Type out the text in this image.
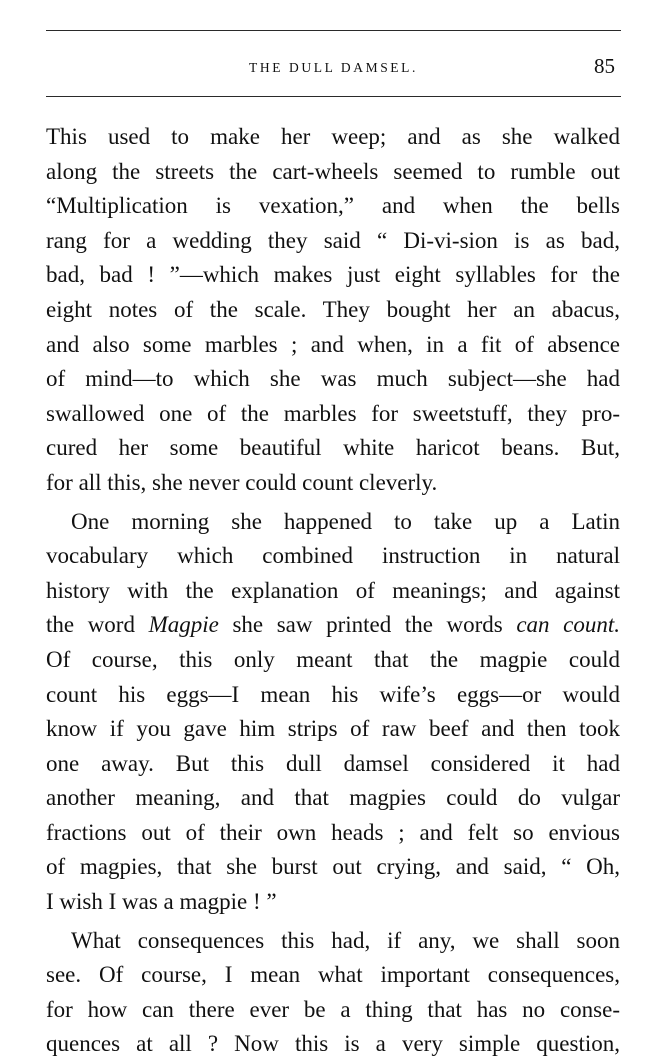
THE DULL DAMSEL.	85
This used to make her weep; and as she walked
along the streets the cart-wheels seemed to rumble out
“Multiplication is vexation,” and when the bells
rang for a wedding they said “ Di-vi-sion is as bad,
bad, bad ! ”—which makes just eight syllables for the
eight notes of the scale. They bought her an abacus,
and also some marbles ; and when, in a fit of absence
of mind—to which she was much subject—she had
swallowed one of the marbles for sweetstuff, they pro-
cured her some beautiful white haricot beans. But,
for all this, she never could count cleverly.
One morning she happened to take up a Latin
vocabulary which combined instruction in natural
history with the explanation of meanings; and against
the word Magpie she saw printed the words can count.
Of course, this only meant that the magpie could
count his eggs—I mean his wife’s eggs—or would
know if you gave him strips of raw beef and then took
one away. But this dull damsel considered it had
another meaning, and that magpies could do vulgar
fractions out of their own heads ; and felt so envious
of magpies, that she burst out crying, and said, “ Oh,
I wish I was a magpie ! ”
What consequences this had, if any, we shall soon
see. Of course, I mean what important consequences,
for how can there ever be a thing that has no conse-
quences at all ? Now this is a very simple question,
